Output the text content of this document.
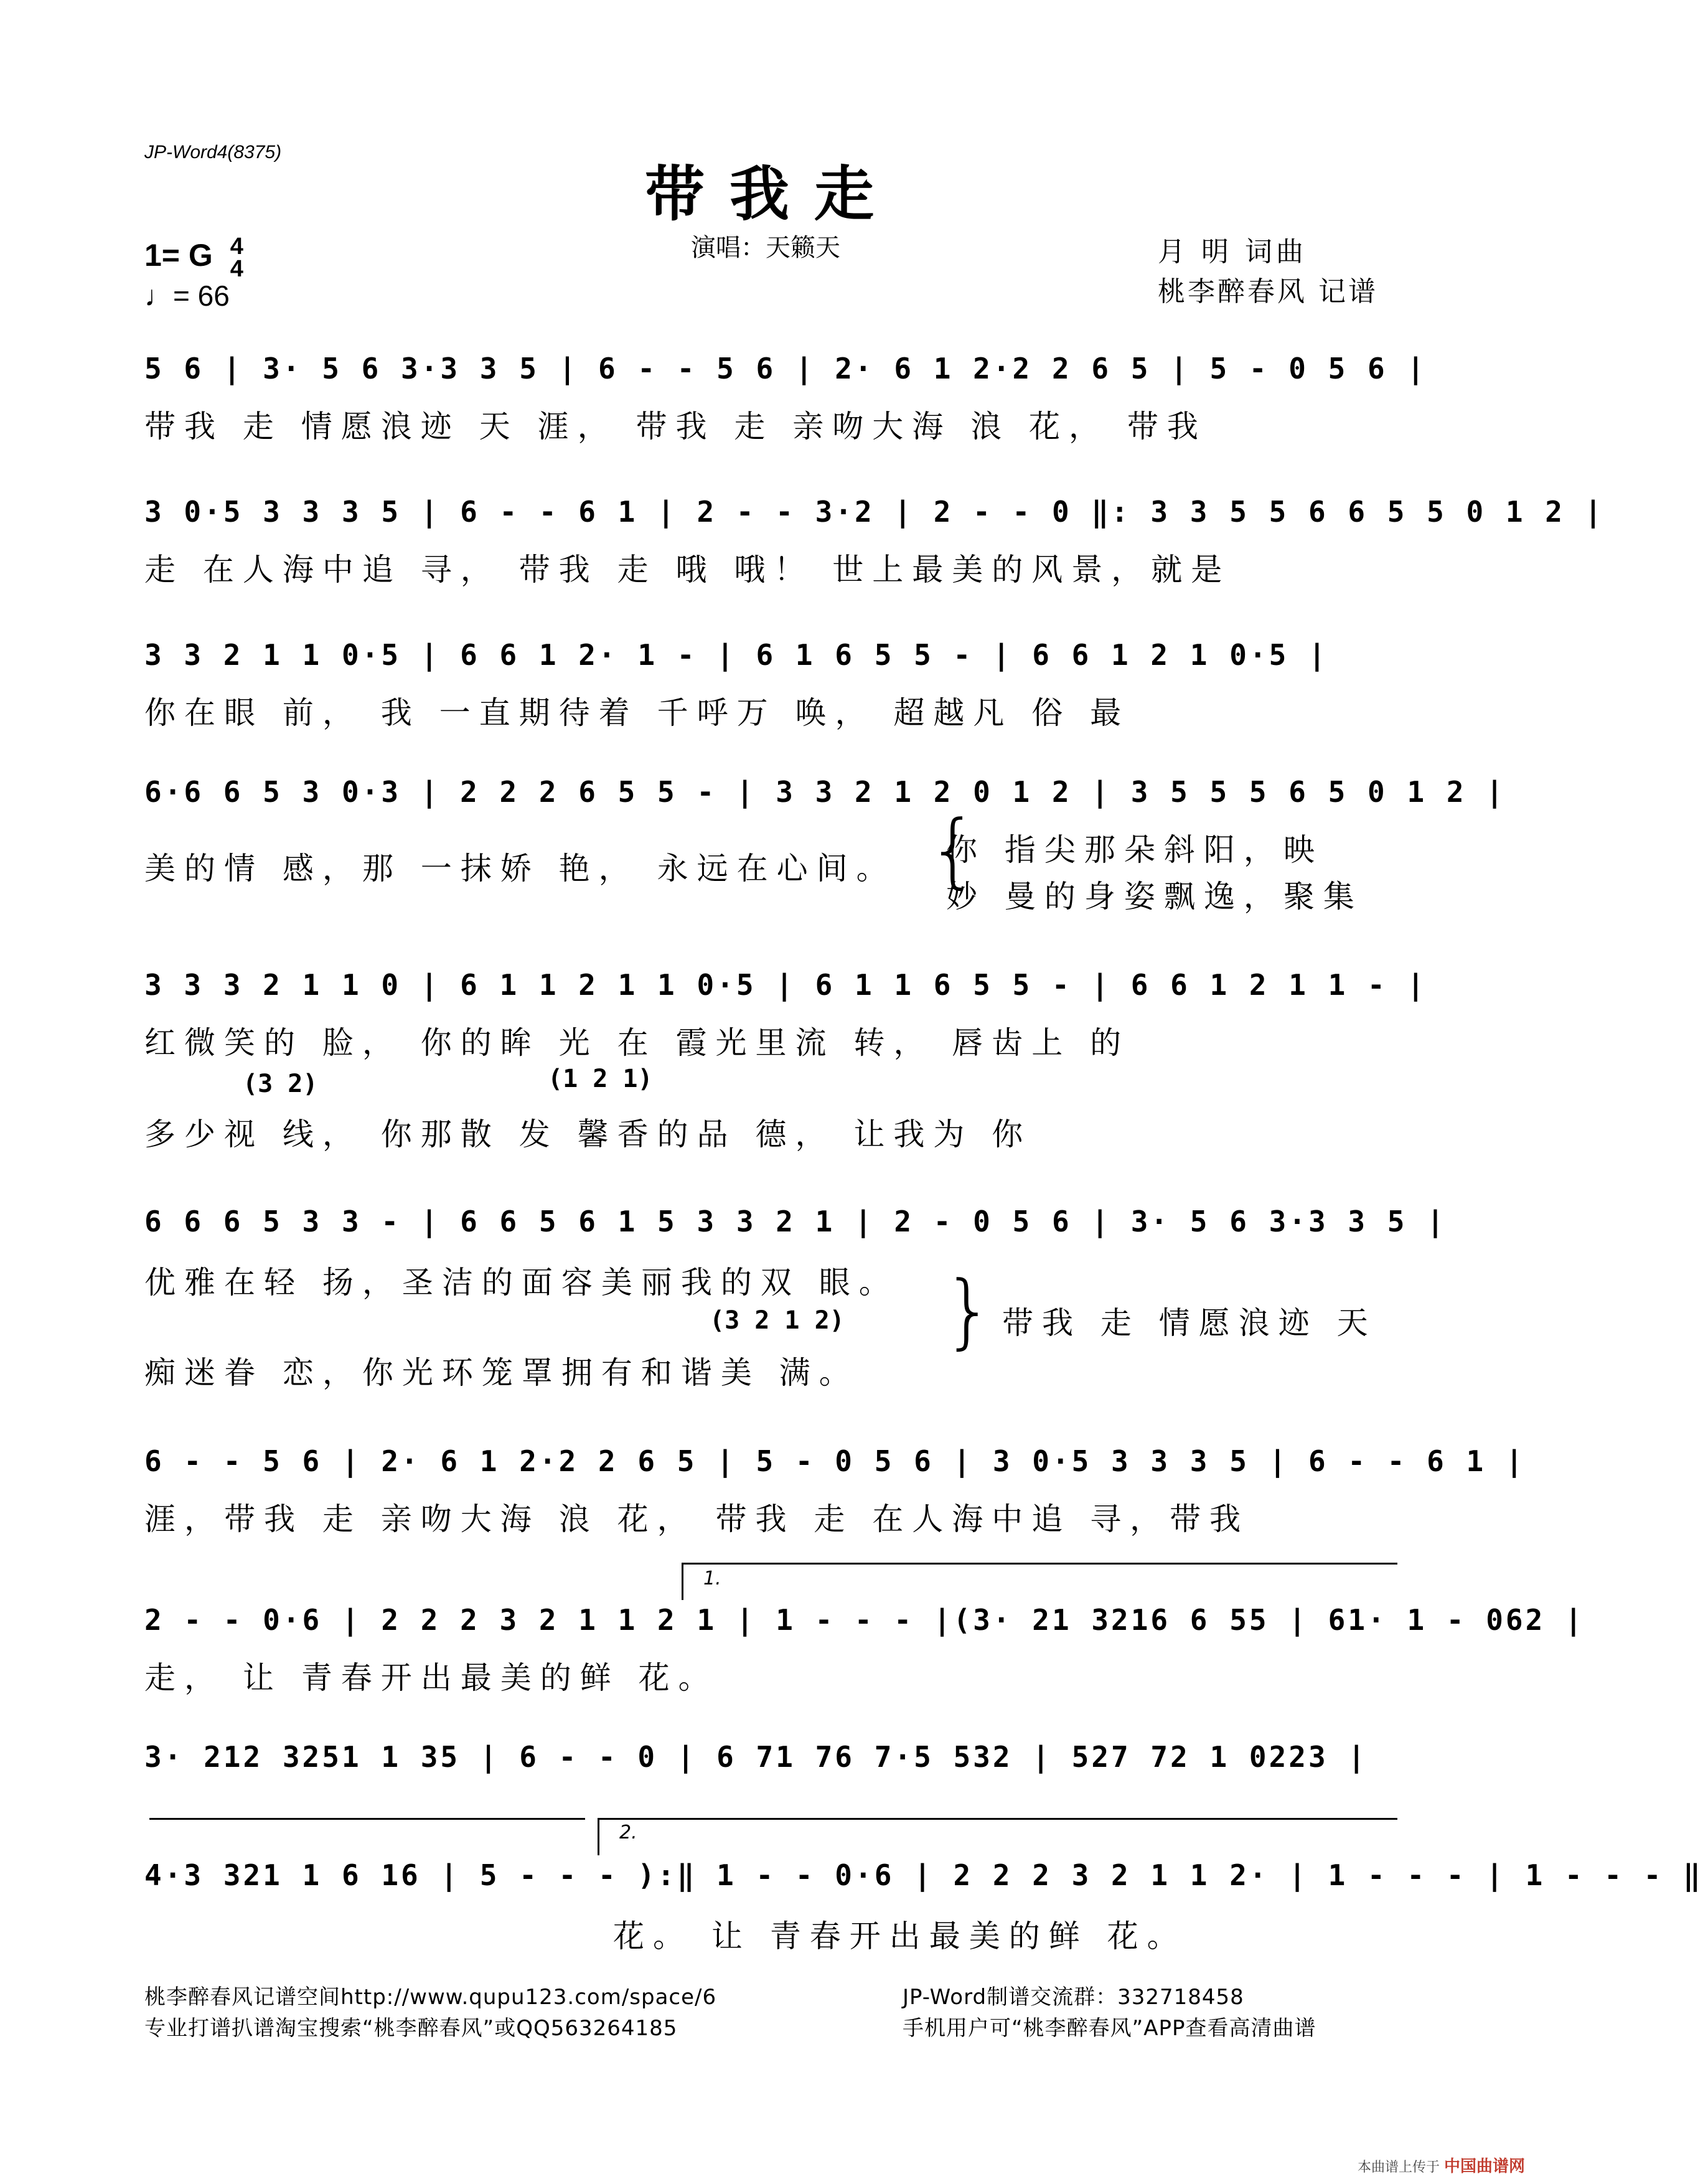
JP-Word4(8375)
带我走
1= G 4
4
♩= 66
演唱：天籁天	月 明 词曲
桃李醉春风 记谱
5 6 | 3· 5 6 3·3 3 5 | 6 - - 5 6 | 2· 6 1 2·2 2 6 5 | 5 - 0 5 6 |
带我 走 情愿浪迹 天 涯， 带我 走 亲吻大海 浪 花， 带我
3 0·5 3 3 3 5 | 6 - - 6 1 | 2 - - 3·2 | 2 - - 0 ‖: 3 3 5 5 6 6 5 5 0 1 2 |
走 在人海中追 寻， 带我 走 哦 哦！ 世上最美的风景，就是
3 3 2 1 1 0·5 | 6 6 1 2· 1 - | 6 1 6 5 5 - | 6 6 1 2 1 0·5 |
你在眼 前， 我 一直期待着 千呼万 唤， 超越凡 俗 最
6·6 6 5 3 0·3 | 2 2 2 6 5 5 - | 3 3 2 1 2 0 1 2 | 3 5 5 5 6 5 0 1 2 |
美的情 感，那 一抹娇 艳， 永远在心间。 {
你 指尖那朵斜阳，映
妙 曼的身姿飘逸，聚集
3 3 3 2 1 1 0 | 6 1 1 2 1 1 0·5 | 6 1 1 6 5 5 - | 6 6 1 2 1 1 - |
红微笑的 脸， 你的眸 光 在 霞光里流 转， 唇齿上 的
(3 2)	(1 2 1)
多少视 线， 你那散 发 馨香的品 德， 让我为 你
6 6 6 5 3 3 - | 6 6 5 6 1 5 3 3 2 1 | 2 - 0 5 6 | 3· 5 6 3·3 3 5 |
优雅在轻 扬，圣洁的面容美丽我的双 眼。
(3 2 1 2)
痴迷眷 恋，你光环笼罩拥有和谐美 满。
{ 带我 走 情愿浪迹 天
6 - - 5 6 | 2· 6 1 2·2 2 6 5 | 5 - 0 5 6 | 3 0·5 3 3 3 5 | 6 - - 6 1 |
涯，带我 走 亲吻大海 浪 花， 带我 走 在人海中追 寻，带我
1.
2 - - 0·6 | 2 2 2 3 2 1 1 2 1 | 1 - - - |(3· 21 3216 6 55 | 61· 1 - 062 |
走， 让 青春开出最美的鲜 花。
3· 212 3251 1 35 | 6 - - 0 | 6 71 76 7·5 532 | 527 72 1 0223 |
2.
4·3 321 1 6 16 | 5 - - - ):‖ 1 - - 0·6 | 2 2 2 3 2 1 1 2· | 1 - - - | 1 - - - ‖
花。 让 青春开出最美的鲜 花。
桃李醉春风记谱空间http://www.qupu123.com/space/6
专业打谱扒谱淘宝搜索“桃李醉春风”或QQ563264185
JP-Word制谱交流群：332718458
手机用户可“桃李醉春风”APP查看高清曲谱
本曲谱上传于 中国曲谱网
